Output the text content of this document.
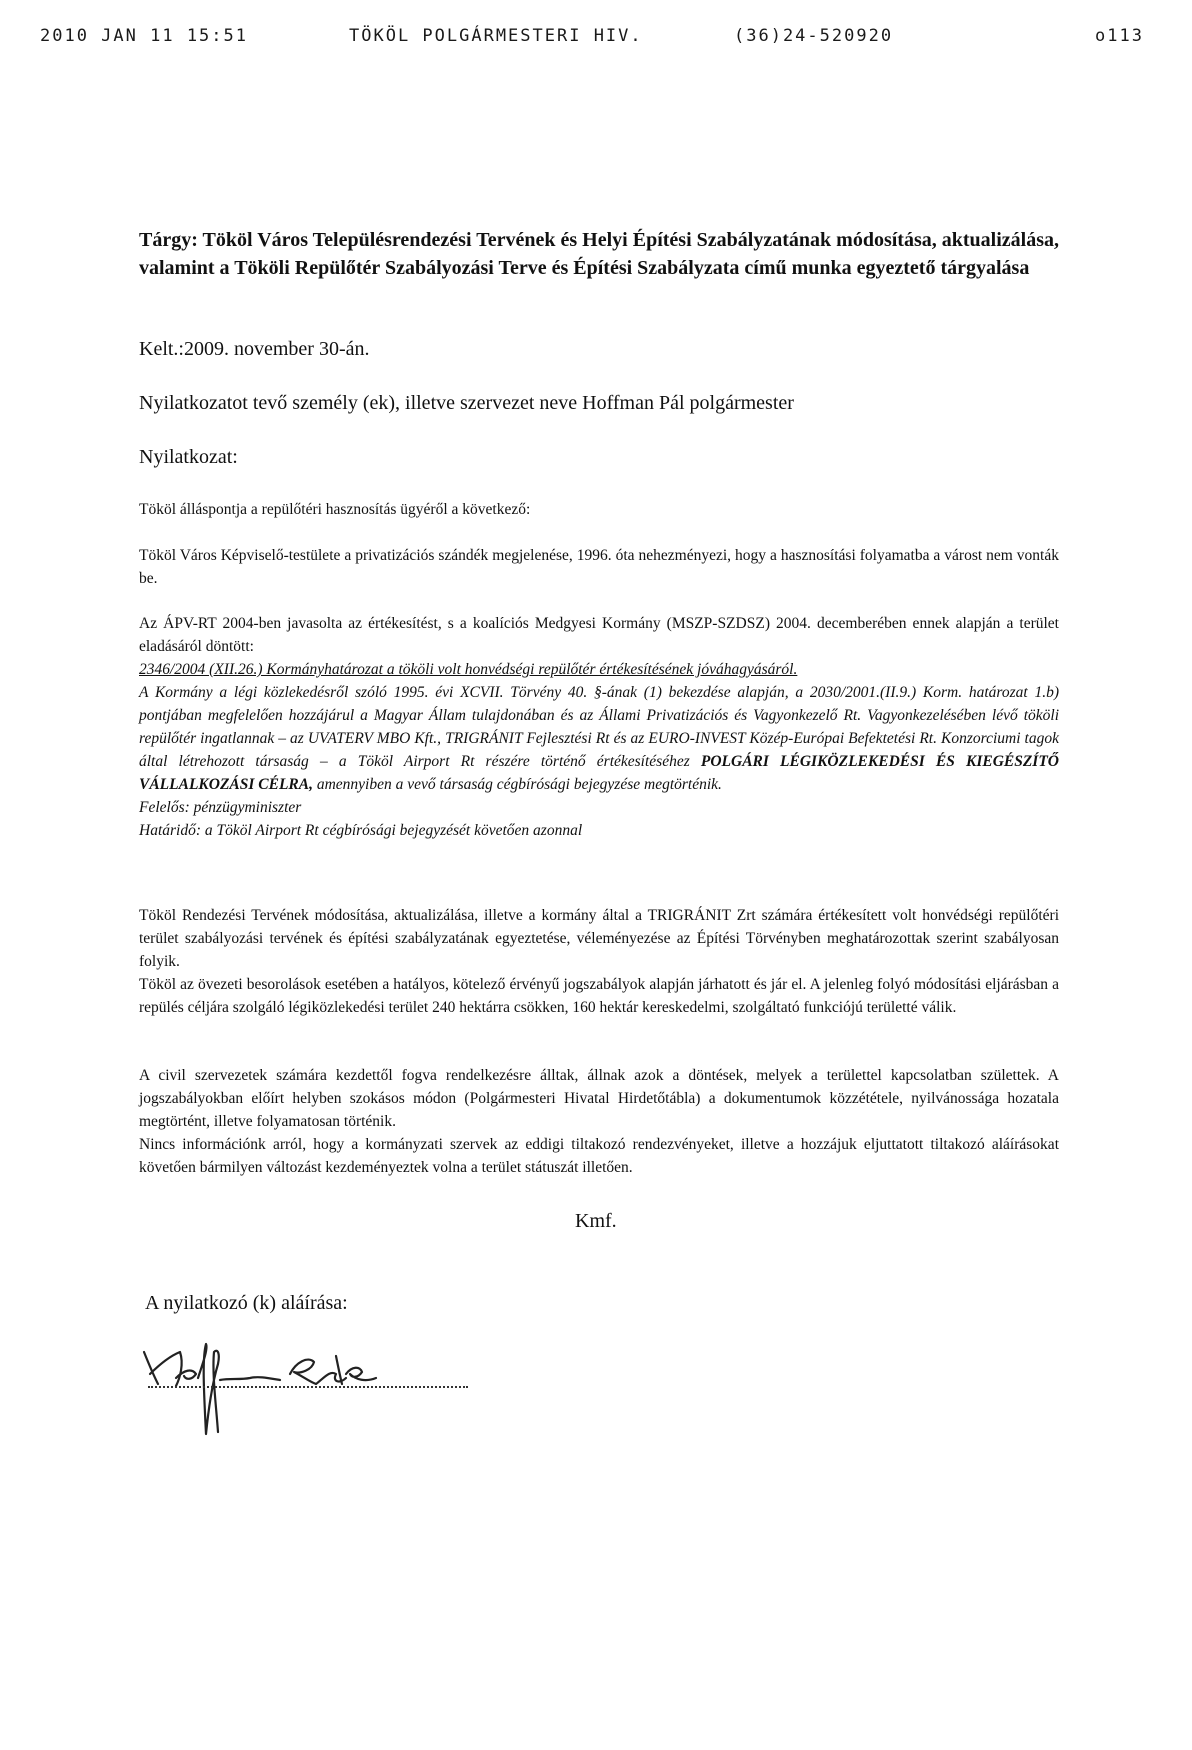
2010 JAN 11 15:51	TÖKÖL POLGÁRMESTERI HIV.	(36)24-520920	o113
Tárgy: Tököl Város Településrendezési Tervének és Helyi Építési Szabályzatának módosítása, aktualizálása, valamint a Tököli Repülőtér Szabályozási Terve és Építési Szabályzata című munka egyeztető tárgyalása
Kelt.:2009. november 30-án.
Nyilatkozatot tevő személy (ek), illetve szervezet neve Hoffman Pál polgármester
Nyilatkozat:
Tököl álláspontja a repülőtéri hasznosítás ügyéről a következő:
Tököl Város Képviselő-testülete a privatizációs szándék megjelenése, 1996. óta nehezményezi, hogy a hasznosítási folyamatba a várost nem vonták be.

Az ÁPV-RT 2004-ben javasolta az értékesítést, s a koalíciós Medgyesi Kormány (MSZP-SZDSZ) 2004. decemberében ennek alapján a terület eladásáról döntött:

2346/2004 (XII.26.) Kormányhatározat a tököli volt honvédségi repülőtér értékesítésének jóváhagyásáról.

A Kormány a légi közlekedésről szóló 1995. évi XCVII. Törvény 40. §-ának (1) bekezdése alapján, a 2030/2001.(II.9.) Korm. határozat 1.b) pontjában megfelelően hozzájárul a Magyar Állam tulajdonában és az Állami Privatizációs és Vagyonkezelő Rt. Vagyonkezelésében lévő tököli repülőtér ingatlannak – az UVATERV MBO Kft., TRIGRÁNIT Fejlesztési Rt és az EURO-INVEST Közép-Európai Befektetési Rt. Konzorciumi tagok által létrehozott társaság – a Tököl Airport Rt részére történő értékesítéséhez POLGÁRI LÉGIKÖZLEKEDÉSI ÉS KIEGÉSZÍTŐ VÁLLALKOZÁSI CÉLRA, amennyiben a vevő társaság cégbírósági bejegyzése megtörténik.

Felelős: pénzügyminiszter

Határidő: a Tököl Airport Rt cégbírósági bejegyzését követően azonnal

Tököl Rendezési Tervének módosítása, aktualizálása, illetve a kormány által a TRIGRÁNIT Zrt számára értékesített volt honvédségi repülőtéri terület szabályozási tervének és építési szabályzatának egyeztetése, véleményezése az Építési Törvényben meghatározottak szerint szabályosan folyik.

Tököl az övezeti besorolások esetében a hatályos, kötelező érvényű jogszabályok alapján járhatott és jár el. A jelenleg folyó módosítási eljárásban a repülés céljára szolgáló légiközlekedési terület 240 hektárra csökken, 160 hektár kereskedelmi, szolgáltató funkciójú területté válik.

A civil szervezetek számára kezdettől fogva rendelkezésre álltak, állnak azok a döntések, melyek a területtel kapcsolatban születtek. A jogszabályokban előírt helyben szokásos módon (Polgármesteri Hivatal Hirdetőtábla) a dokumentumok közzététele, nyilvánossága hozatala megtörtént, illetve folyamatosan történik.

Nincs információnk arról, hogy a kormányzati szervek az eddigi tiltakozó rendezvényeket, illetve a hozzájuk eljuttatott tiltakozó aláírásokat követően bármilyen változást kezdeményeztek volna a terület státuszát illetően.

Kmf.
A nyilatkozó (k) aláírása:
